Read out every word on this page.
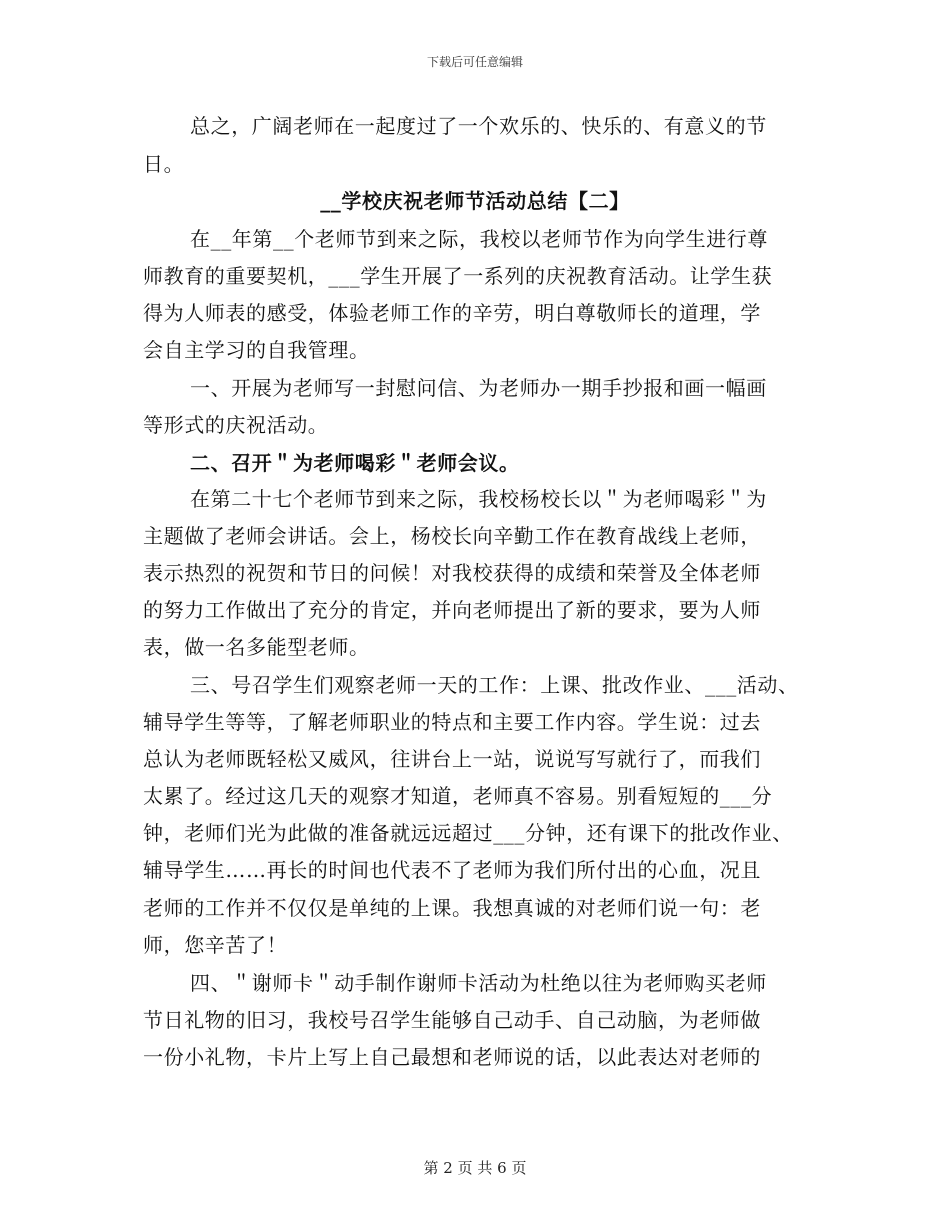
下载后可任意编辑
总之，广阔老师在一起度过了一个欢乐的、快乐的、有意义的节
日。
__学校庆祝老师节活动总结【二】
在__年第__个老师节到来之际，我校以老师节作为向学生进行尊
师教育的重要契机，___学生开展了一系列的庆祝教育活动。让学生获
得为人师表的感受，体验老师工作的辛劳，明白尊敬师长的道理，学
会自主学习的自我管理。
一、开展为老师写一封慰问信、为老师办一期手抄报和画一幅画
等形式的庆祝活动。
二、召开＂为老师喝彩＂老师会议。
在第二十七个老师节到来之际，我校杨校长以＂为老师喝彩＂为
主题做了老师会讲话。会上，杨校长向辛勤工作在教育战线上老师，
表示热烈的祝贺和节日的问候！对我校获得的成绩和荣誉及全体老师
的努力工作做出了充分的肯定，并向老师提出了新的要求，要为人师
表，做一名多能型老师。
三、号召学生们观察老师一天的工作：上课、批改作业、___活动、
辅导学生等等，了解老师职业的特点和主要工作内容。学生说：过去
总认为老师既轻松又威风，往讲台上一站，说说写写就行了，而我们
太累了。经过这几天的观察才知道，老师真不容易。别看短短的___分
钟，老师们光为此做的准备就远远超过___分钟，还有课下的批改作业、
辅导学生……再长的时间也代表不了老师为我们所付出的心血，况且
老师的工作并不仅仅是单纯的上课。我想真诚的对老师们说一句：老
师，您辛苦了！
四、＂谢师卡＂动手制作谢师卡活动为杜绝以往为老师购买老师
节日礼物的旧习，我校号召学生能够自己动手、自己动脑，为老师做
一份小礼物，卡片上写上自己最想和老师说的话，以此表达对老师的
第 2 页 共 6 页
